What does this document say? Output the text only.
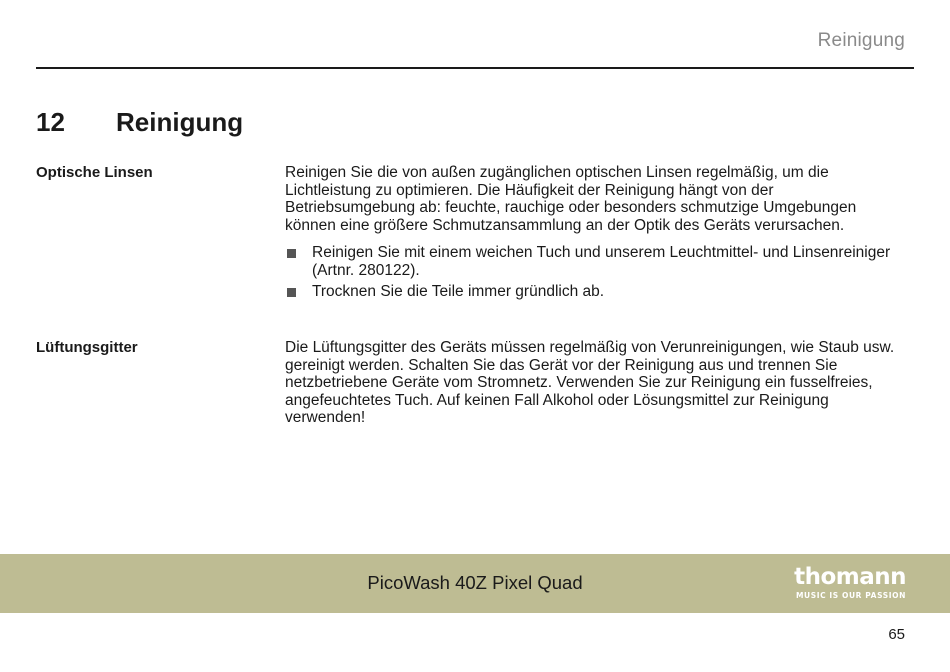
Reinigung
12 Reinigung
Optische Linsen	Reinigen Sie die von außen zugänglichen optischen Linsen regelmäßig, um die Lichtleistung zu optimieren. Die Häufigkeit der Reinigung hängt von der Betriebsumgebung ab: feuchte, rauchige oder besonders schmutzige Umgebungen können eine größere Schmutzansammlung an der Optik des Geräts verursachen.

Reinigen Sie mit einem weichen Tuch und unserem Leuchtmittel- und Linsenreiniger (Artnr. 280122).
Trocknen Sie die Teile immer gründlich ab.
Lüftungsgitter	Die Lüftungsgitter des Geräts müssen regelmäßig von Verunreinigungen, wie Staub usw. gereinigt werden. Schalten Sie das Gerät vor der Reinigung aus und trennen Sie netzbetriebene Geräte vom Stromnetz. Verwenden Sie zur Reinigung ein fusselfreies, angefeuchtetes Tuch. Auf keinen Fall Alkohol oder Lösungsmittel zur Reinigung verwenden!

PicoWash 40Z Pixel Quad	thomann
MUSIC IS OUR PASSION
65
